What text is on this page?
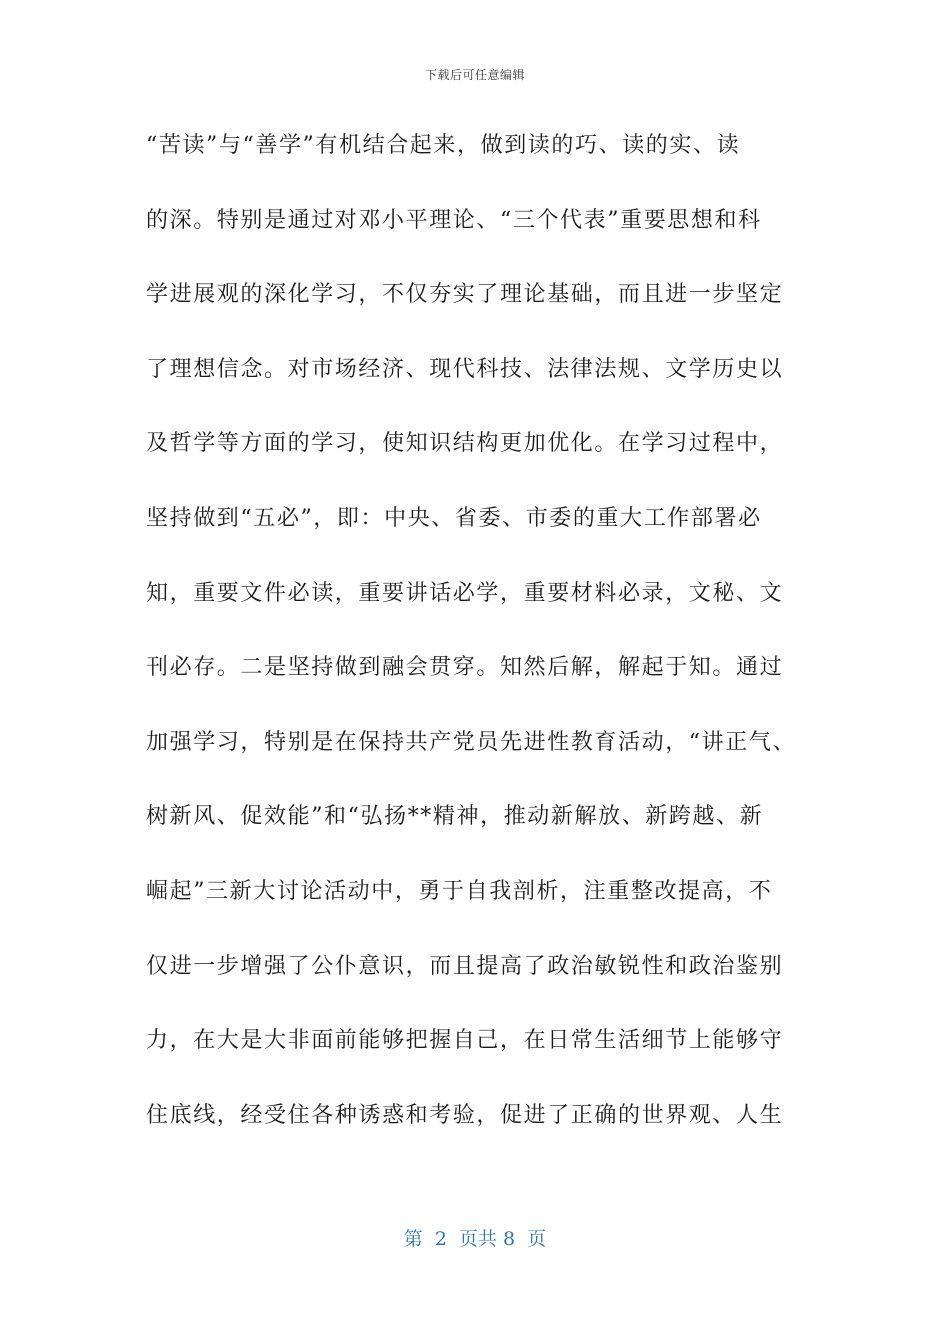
下载后可任意编辑
“苦读”与“善学”有机结合起来，做到读的巧、读的实、读
的深。特别是通过对邓小平理论、“三个代表”重要思想和科
学进展观的深化学习，不仅夯实了理论基础，而且进一步坚定
了理想信念。对市场经济、现代科技、法律法规、文学历史以
及哲学等方面的学习，使知识结构更加优化。在学习过程中，
坚持做到“五必”，即：中央、省委、市委的重大工作部署必
知，重要文件必读，重要讲话必学，重要材料必录，文秘、文
刊必存。二是坚持做到融会贯穿。知然后解，解起于知。通过
加强学习，特别是在保持共产党员先进性教育活动，“讲正气、
树新风、促效能”和“弘扬**精神，推动新解放、新跨越、新
崛起”三新大讨论活动中，勇于自我剖析，注重整改提高，不
仅进一步增强了公仆意识，而且提高了政治敏锐性和政治鉴别
力，在大是大非面前能够把握自己，在日常生活细节上能够守
住底线，经受住各种诱惑和考验，促进了正确的世界观、人生
第  2  页共 8  页
